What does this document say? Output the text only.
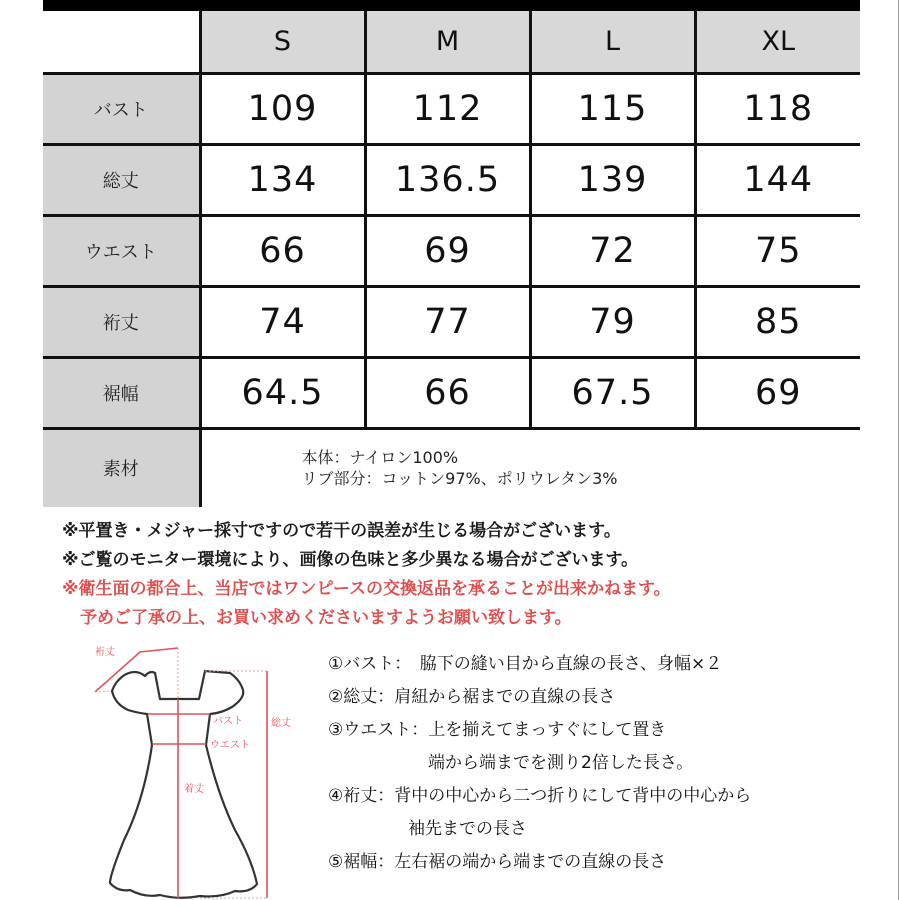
	S	M	L	XL
バスト	109	112	115	118
総丈	134	136.5	139	144
ウエスト	66	69	72	75
裄丈	74	77	79	85
裾幅	64.5	66	67.5	69
素材	本体：ナイロン100%
リブ部分：コットン97%、ポリウレタン3%			
※平置き・メジャー採寸ですので若干の誤差が生じる場合がございます。
※ご覧のモニター環境により、画像の色味と多少異なる場合がございます。
※衛生面の都合上、当店ではワンピースの交換返品を承ることが出来かねます。
予めご了承の上、お買い求めくださいますようお願い致します。
裄丈
バスト
ウエスト
着丈
総丈
①バスト：　脇下の縫い目から直線の長さ、身幅×２
②総丈：肩紐から裾までの直線の長さ
③ウエスト：上を揃えてまっすぐにして置き
端から端までを測り2倍した長さ。
④裄丈：背中の中心から二つ折りにして背中の中心から
袖先までの長さ
⑤裾幅：左右裾の端から端までの直線の長さ
